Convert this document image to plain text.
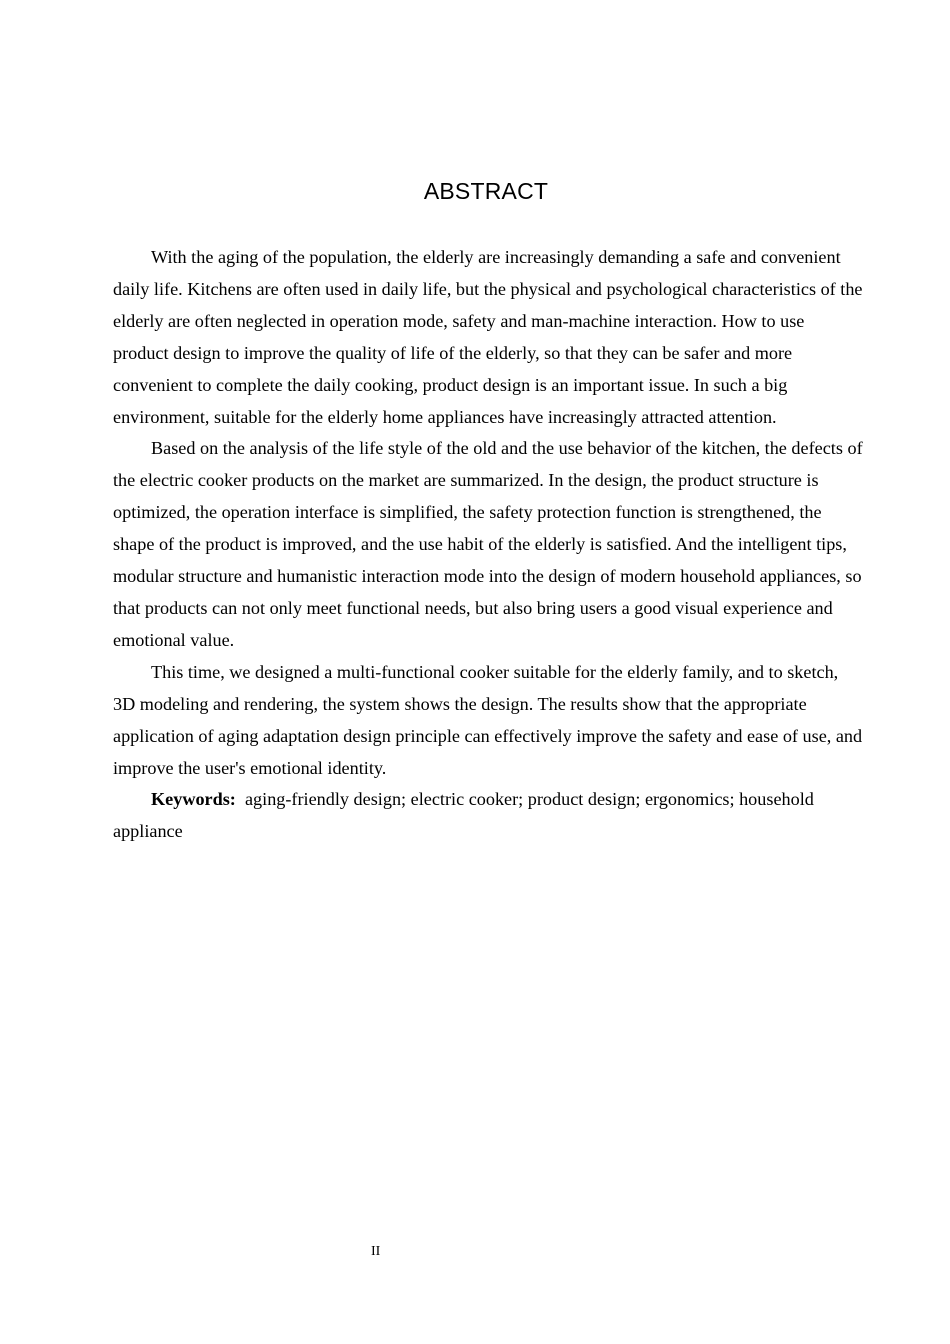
ABSTRACT

With the aging of the population, the elderly are increasingly demanding a safe and convenient daily life. Kitchens are often used in daily life, but the physical and psychological characteristics of the elderly are often neglected in operation mode, safety and man-machine interaction. How to use product design to improve the quality of life of the elderly, so that they can be safer and more convenient to complete the daily cooking, product design is an important issue. In such a big environment, suitable for the elderly home appliances have increasingly attracted attention.

Based on the analysis of the life style of the old and the use behavior of the kitchen, the defects of the electric cooker products on the market are summarized. In the design, the product structure is optimized, the operation interface is simplified, the safety protection function is strengthened, the shape of the product is improved, and the use habit of the elderly is satisfied. And the intelligent tips, modular structure and humanistic interaction mode into the design of modern household appliances, so that products can not only meet functional needs, but also bring users a good visual experience and emotional value.

This time, we designed a multi-functional cooker suitable for the elderly family, and to sketch, 3D modeling and rendering, the system shows the design. The results show that the appropriate application of aging adaptation design principle can effectively improve the safety and ease of use, and improve the user's emotional identity.

Keywords: aging-friendly design; electric cooker; product design; ergonomics; household appliance

II
